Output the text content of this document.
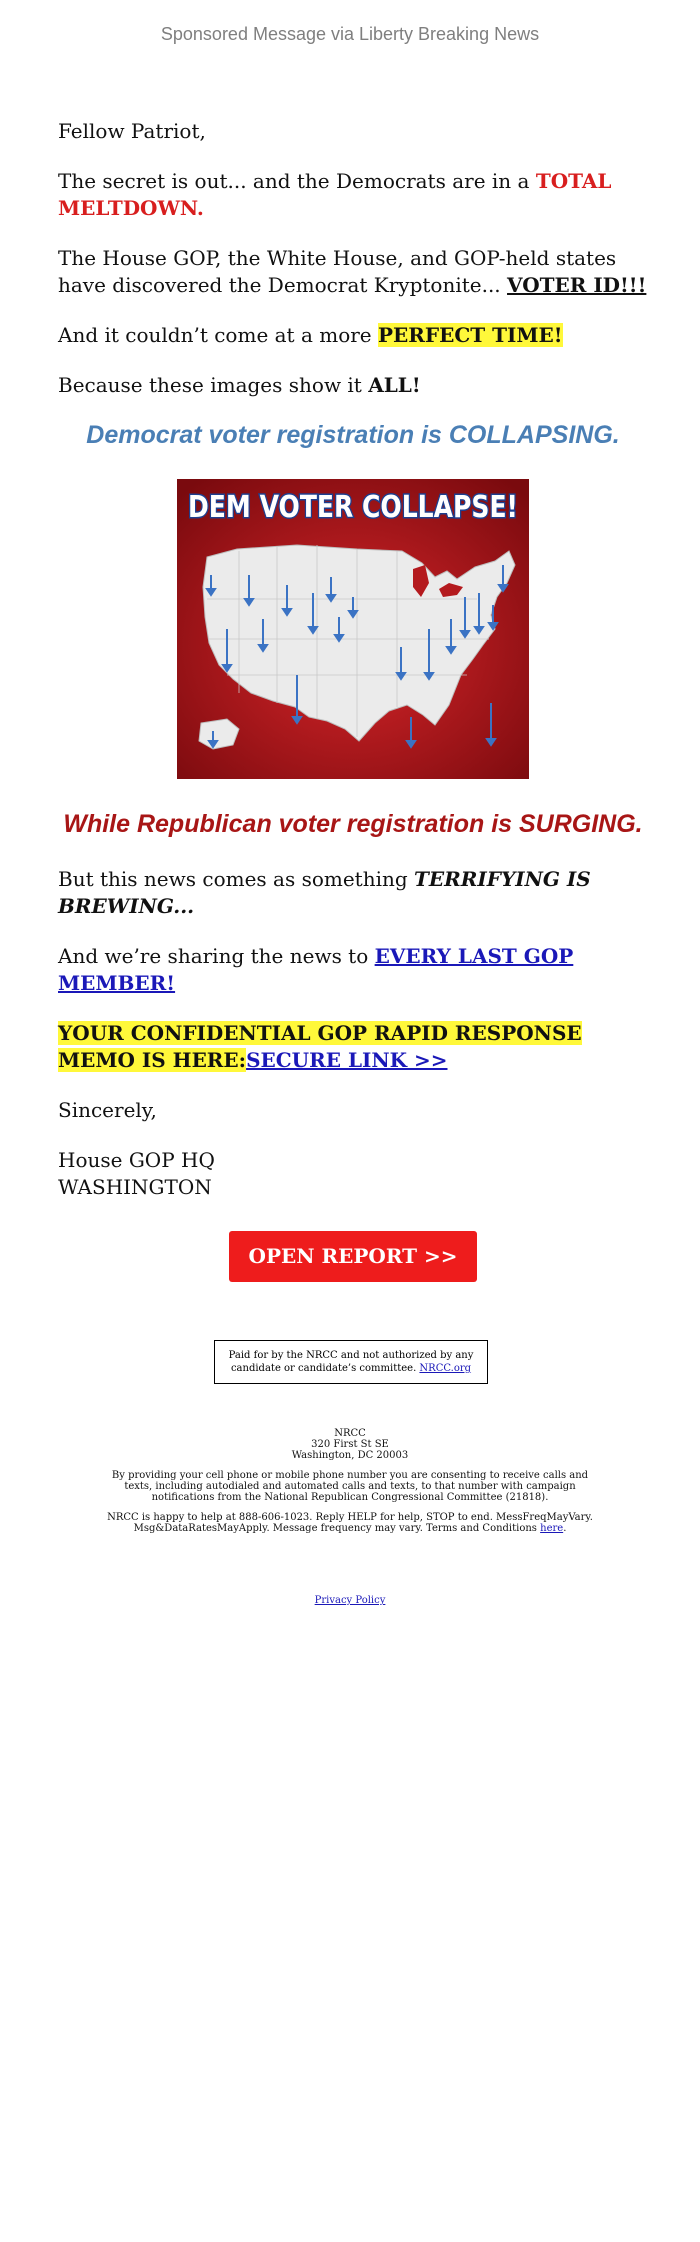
Sponsored Message via Liberty Breaking News

Fellow Patriot,

The secret is out... and the Democrats are in a TOTAL MELTDOWN.

The House GOP, the White House, and GOP-held states have discovered the Democrat Kryptonite... VOTER ID!!!

And it couldn’t come at a more PERFECT TIME!

Because these images show it ALL!

Democrat voter registration is COLLAPSING.
DEM VOTER COLLAPSE!
While Republican voter registration is SURGING.

But this news comes as something TERRIFYING IS BREWING...

And we’re sharing the news to EVERY LAST GOP MEMBER!

YOUR CONFIDENTIAL GOP RAPID RESPONSE MEMO IS HERE:SECURE LINK >>

Sincerely,

House GOP HQ
WASHINGTON

OPEN REPORT >>
Paid for by the NRCC and not authorized by any candidate or candidate’s committee. NRCC.org

NRCC
320 First St SE
Washington, DC 20003

By providing your cell phone or mobile phone number you are consenting to receive calls and texts, including autodialed and automated calls and texts, to that number with campaign notifications from the National Republican Congressional Committee (21818).

NRCC is happy to help at 888-606-1023. Reply HELP for help, STOP to end. MessFreqMayVary. Msg&DataRatesMayApply. Message frequency may vary. Terms and Conditions here.

Privacy Policy
